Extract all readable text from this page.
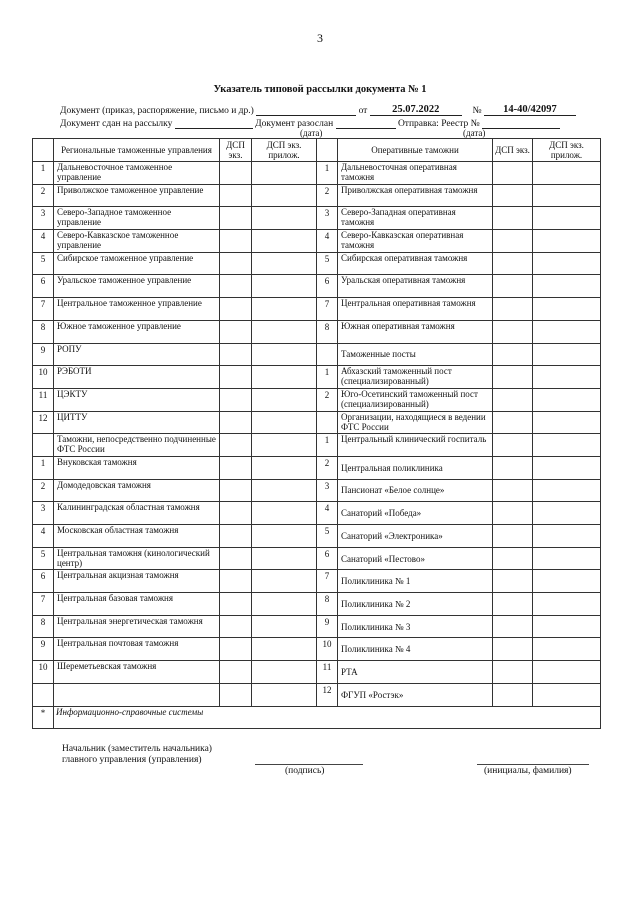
3
Указатель типовой рассылки документа № 1
Документ (приказ, распоряжение, письмо и др.)	от 25.07.2022	№ 14-40/42097
Документ сдан на рассылку	Документ разослан	Отправка: Реестр №
(дата)	(дата)
	Региональные таможенные управления	ДСП экз.	ДСП экз. прилож.		Оперативные таможни	ДСП экз.	ДСП экз. прилож.
1	Дальневосточное таможенное управление			1	Дальневосточная оперативная таможня		
2	Приволжское таможенное управление			2	Приволжская оперативная таможня		
3	Северо-Западное таможенное управление			3	Северо-Западная оперативная таможня		
4	Северо-Кавказское таможенное управление			4	Северо-Кавказская оперативная таможня		
5	Сибирское таможенное управление			5	Сибирская оперативная таможня		
6	Уральское таможенное управление			6	Уральская оперативная таможня		
7	Центральное таможенное управление			7	Центральная оперативная таможня		
8	Южное таможенное управление			8	Южная оперативная таможня		
9	РОПУ				Таможенные посты		
10	РЭБОТИ			1	Абхазский таможенный пост (специализированный)		
11	ЦЭКТУ			2	Юго-Осетинский таможенный пост (специализированный)		
12	ЦИТТУ				Организации, находящиеся в ведении ФТС России		
	Таможни, непосредственно подчиненные ФТС России			1	Центральный клинический госпиталь		
1	Внуковская таможня			2	Центральная поликлиника		
2	Домодедовская таможня			3	Пансионат «Белое солнце»		
3	Калининградская областная таможня			4	Санаторий «Победа»		
4	Московская областная таможня			5	Санаторий «Электроника»		
5	Центральная таможня (кинологический центр)			6	Санаторий «Пестово»		
6	Центральная акцизная таможня			7	Поликлиника № 1		
7	Центральная базовая таможня			8	Поликлиника № 2		
8	Центральная энергетическая таможня			9	Поликлиника № 3		
9	Центральная почтовая таможня			10	Поликлиника № 4		
10	Шереметьевская таможня			11	РТА		
				12	ФГУП «Ростэк»		
*	Информационно-справочные системы						
Начальник (заместитель начальника)
главного управления (управления)
(подпись)	(инициалы, фамилия)
